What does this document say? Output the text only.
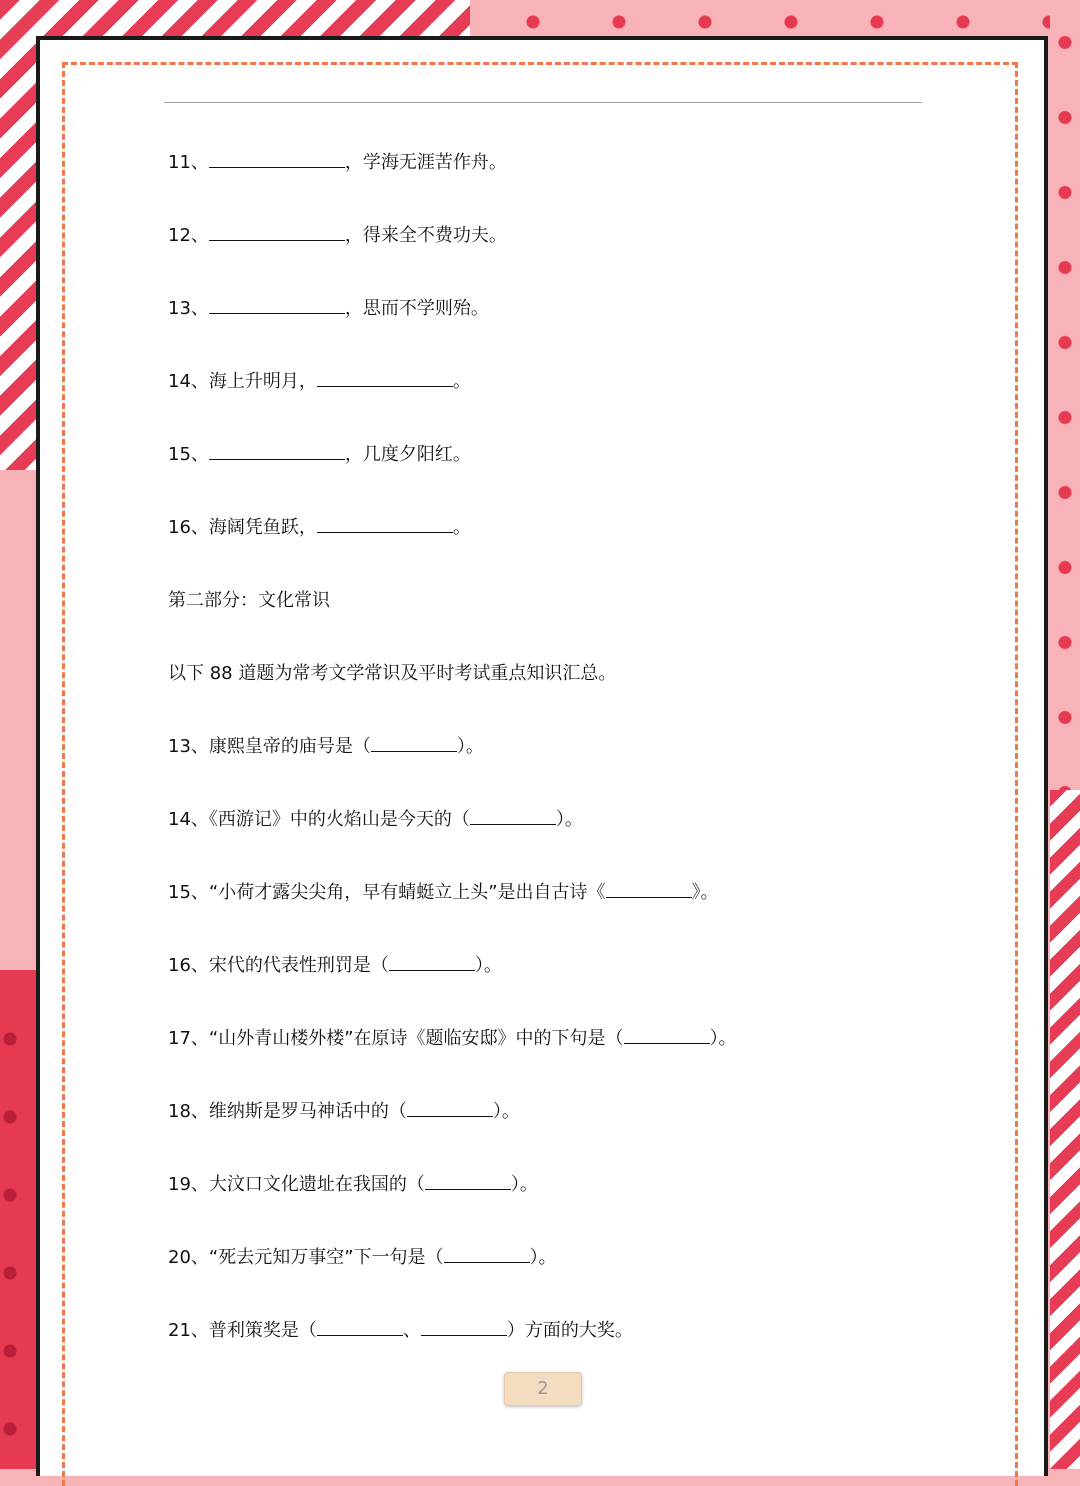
11、	，学海无涯苦作舟。
12、	，得来全不费功夫。
13、	，思而不学则殆。
14、海上升明月，	。
15、	，几度夕阳红。
16、海阔凭鱼跃，	。
第二部分：文化常识
以下 88 道题为常考文学常识及平时考试重点知识汇总。
13、康熙皇帝的庙号是（	）。
14、《西游记》中的火焰山是今天的（	）。
15、“小荷才露尖尖角，早有蜻蜓立上头”是出自古诗《	》。
16、宋代的代表性刑罚是（	）。
17、“山外青山楼外楼”在原诗《题临安邸》中的下句是（	）。
18、维纳斯是罗马神话中的（	）。
19、大汶口文化遗址在我国的（	）。
20、“死去元知万事空”下一句是（	）。
21、普利策奖是（	、	）方面的大奖。
2
